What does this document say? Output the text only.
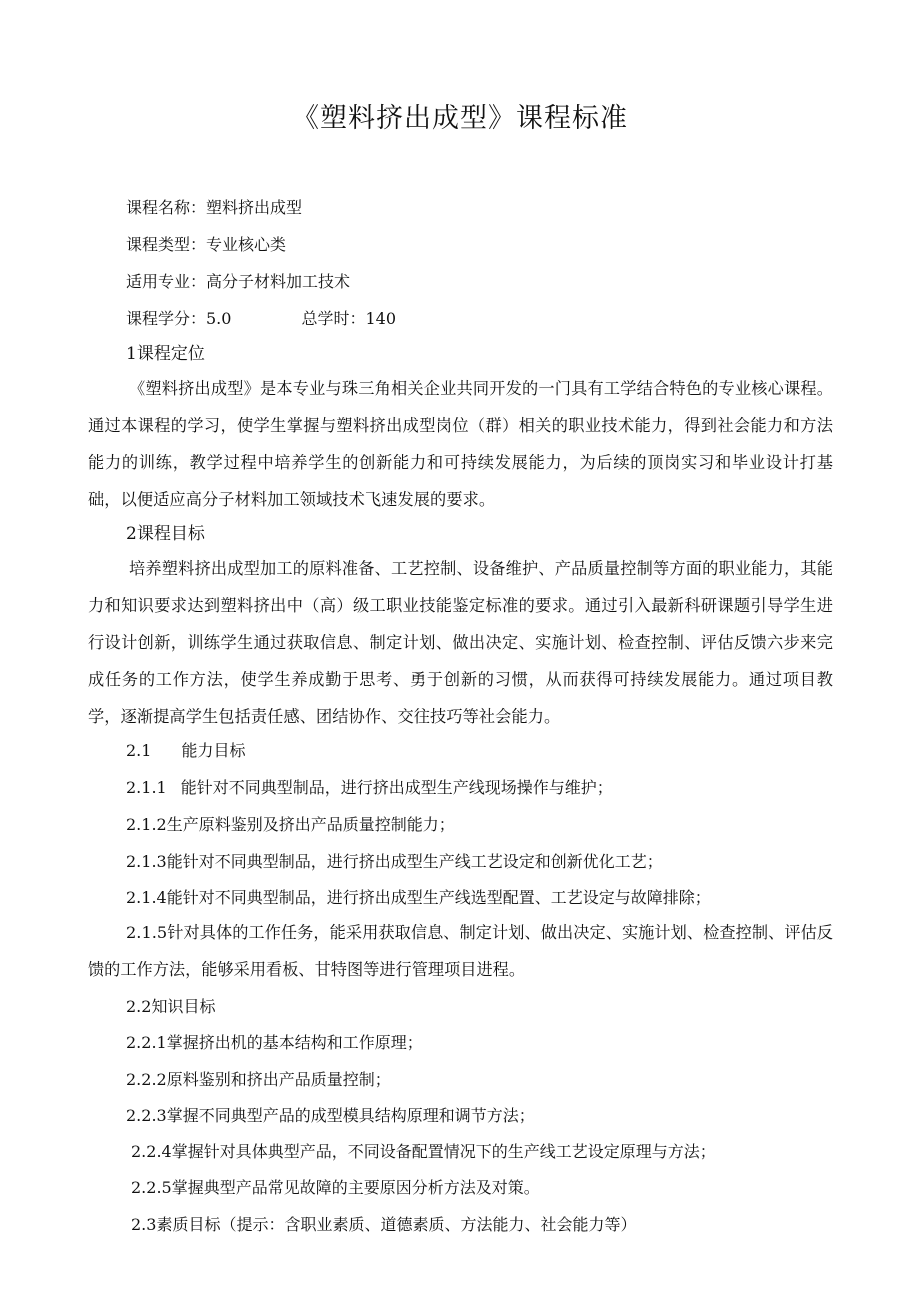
《塑料挤出成型》课程标准
课程名称：塑料挤出成型
课程类型：专业核心类
适用专业：高分子材料加工技术
课程学分：5.0	总学时：140
1课程定位
《塑料挤出成型》是本专业与珠三角相关企业共同开发的一门具有工学结合特色的专业核心课程。通过本课程的学习，使学生掌握与塑料挤出成型岗位（群）相关的职业技术能力，得到社会能力和方法能力的训练，教学过程中培养学生的创新能力和可持续发展能力，为后续的顶岗实习和毕业设计打基础，以便适应高分子材料加工领域技术飞速发展的要求。
2课程目标
培养塑料挤出成型加工的原料准备、工艺控制、设备维护、产品质量控制等方面的职业能力，其能力和知识要求达到塑料挤出中（高）级工职业技能鉴定标准的要求。通过引入最新科研课题引导学生进行设计创新，训练学生通过获取信息、制定计划、做出决定、实施计划、检查控制、评估反馈六步来完成任务的工作方法，使学生养成勤于思考、勇于创新的习惯，从而获得可持续发展能力。通过项目教学，逐渐提高学生包括责任感、团结协作、交往技巧等社会能力。
2.1 能力目标
2.1.1 能针对不同典型制品，进行挤出成型生产线现场操作与维护；
2.1.2生产原料鉴别及挤出产品质量控制能力；
2.1.3能针对不同典型制品，进行挤出成型生产线工艺设定和创新优化工艺；
2.1.4能针对不同典型制品，进行挤出成型生产线选型配置、工艺设定与故障排除；
2.1.5针对具体的工作任务，能采用获取信息、制定计划、做出决定、实施计划、检查控制、评估反馈的工作方法，能够采用看板、甘特图等进行管理项目进程。
2.2知识目标
2.2.1掌握挤出机的基本结构和工作原理；
2.2.2原料鉴别和挤出产品质量控制；
2.2.3掌握不同典型产品的成型模具结构原理和调节方法；
2.2.4掌握针对具体典型产品，不同设备配置情况下的生产线工艺设定原理与方法；
2.2.5掌握典型产品常见故障的主要原因分析方法及对策。
2.3素质目标（提示：含职业素质、道德素质、方法能力、社会能力等）
